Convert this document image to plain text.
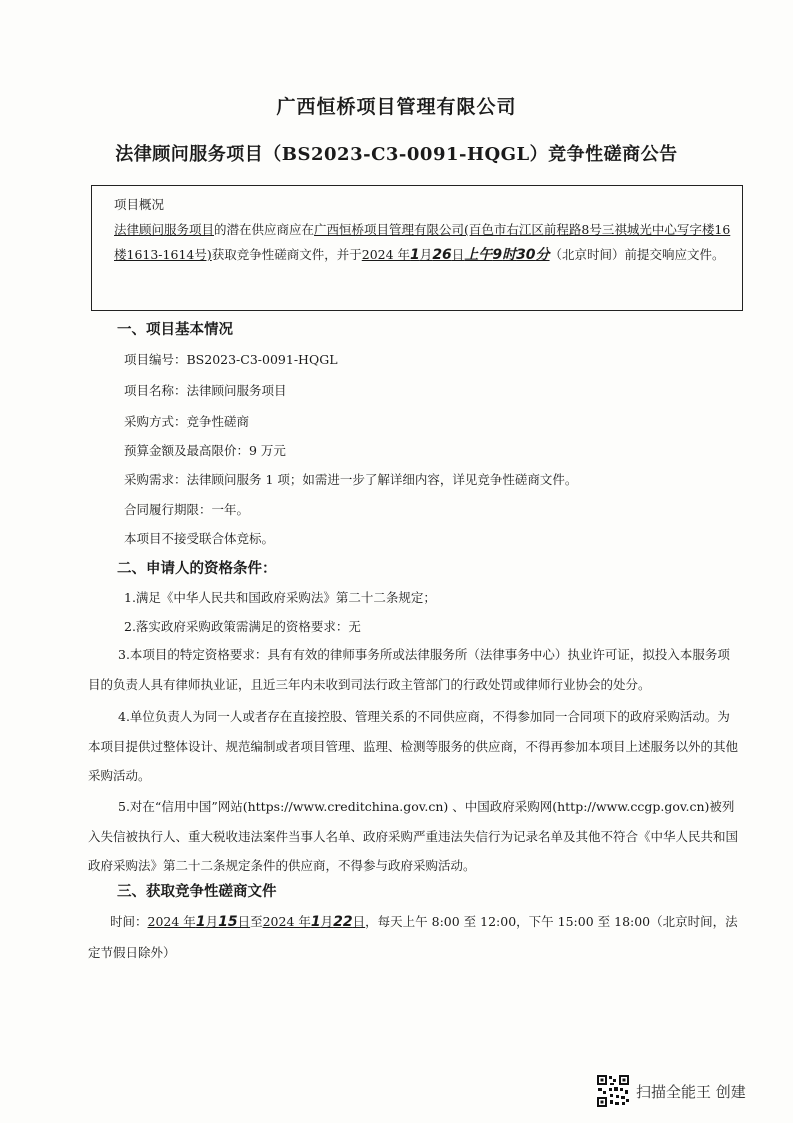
广西恒桥项目管理有限公司
法律顾问服务项目（BS2023-C3-0091-HQGL）竞争性磋商公告
项目概况
法律顾问服务项目的潜在供应商应在广西恒桥项目管理有限公司(百色市右江区前程路8号三祺城光中心写字楼16楼1613-1614号)获取竞争性磋商文件，并于2024 年1月26日上午9时30分（北京时间）前提交响应文件。
一、项目基本情况
项目编号：BS2023-C3-0091-HQGL
项目名称：法律顾问服务项目
采购方式：竞争性磋商
预算金额及最高限价：9 万元
采购需求：法律顾问服务 1 项；如需进一步了解详细内容，详见竞争性磋商文件。
合同履行期限：一年。
本项目不接受联合体竞标。
二、申请人的资格条件：
1.满足《中华人民共和国政府采购法》第二十二条规定；
2.落实政府采购政策需满足的资格要求：无
3.本项目的特定资格要求：具有有效的律师事务所或法律服务所（法律事务中心）执业许可证，拟投入本服务项目的负责人具有律师执业证，且近三年内未收到司法行政主管部门的行政处罚或律师行业协会的处分。
4.单位负责人为同一人或者存在直接控股、管理关系的不同供应商，不得参加同一合同项下的政府采购活动。为本项目提供过整体设计、规范编制或者项目管理、监理、检测等服务的供应商，不得再参加本项目上述服务以外的其他采购活动。
5.对在“信用中国”网站(https://www.creditchina.gov.cn) 、中国政府采购网(http://www.ccgp.gov.cn)被列入失信被执行人、重大税收违法案件当事人名单、政府采购严重违法失信行为记录名单及其他不符合《中华人民共和国政府采购法》第二十二条规定条件的供应商，不得参与政府采购活动。
三、获取竞争性磋商文件
时间：2024 年1月15日至2024 年1月22日，每天上午 8:00 至 12:00，下午 15:00 至 18:00（北京时间，法定节假日除外）
扫描全能王 创建
